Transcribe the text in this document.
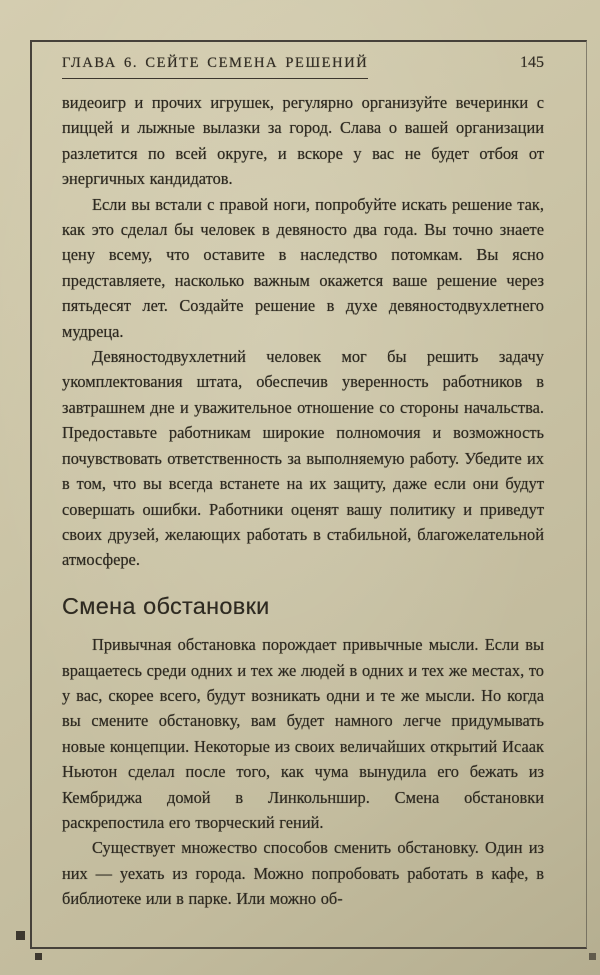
ГЛАВА 6. СЕЙТЕ СЕМЕНА РЕШЕНИЙ	145

видеоигр и прочих игрушек, регулярно организуйте вечеринки с пиццей и лыжные вылазки за город. Слава о вашей организации разлетится по всей округе, и вскоре у вас не будет отбоя от энергичных кандидатов.

Если вы встали с правой ноги, попробуйте искать решение так, как это сделал бы человек в девяносто два года. Вы точно знаете цену всему, что оставите в наследство потомкам. Вы ясно представляете, насколько важным окажется ваше решение через пятьдесят лет. Создайте решение в духе девяностодвухлетнего мудреца.

Девяностодвухлетний человек мог бы решить задачу укомплектования штата, обеспечив уверенность работников в завтрашнем дне и уважительное отношение со стороны начальства. Предоставьте работникам широкие полномочия и возможность почувствовать ответственность за выполняемую работу. Убедите их в том, что вы всегда встанете на их защиту, даже если они будут совершать ошибки. Работники оценят вашу политику и приведут своих друзей, желающих работать в стабильной, благожелательной атмосфере.

Смена обстановки

Привычная обстановка порождает привычные мысли. Если вы вращаетесь среди одних и тех же людей в одних и тех же местах, то у вас, скорее всего, будут возникать одни и те же мысли. Но когда вы смените обстановку, вам будет намного легче придумывать новые концепции. Некоторые из своих величайших открытий Исаак Ньютон сделал после того, как чума вынудила его бежать из Кембриджа домой в Линкольншир. Смена обстановки раскрепостила его творческий гений.

Существует множество способов сменить обстановку. Один из них — уехать из города. Можно попробовать работать в кафе, в библиотеке или в парке. Или можно об-
